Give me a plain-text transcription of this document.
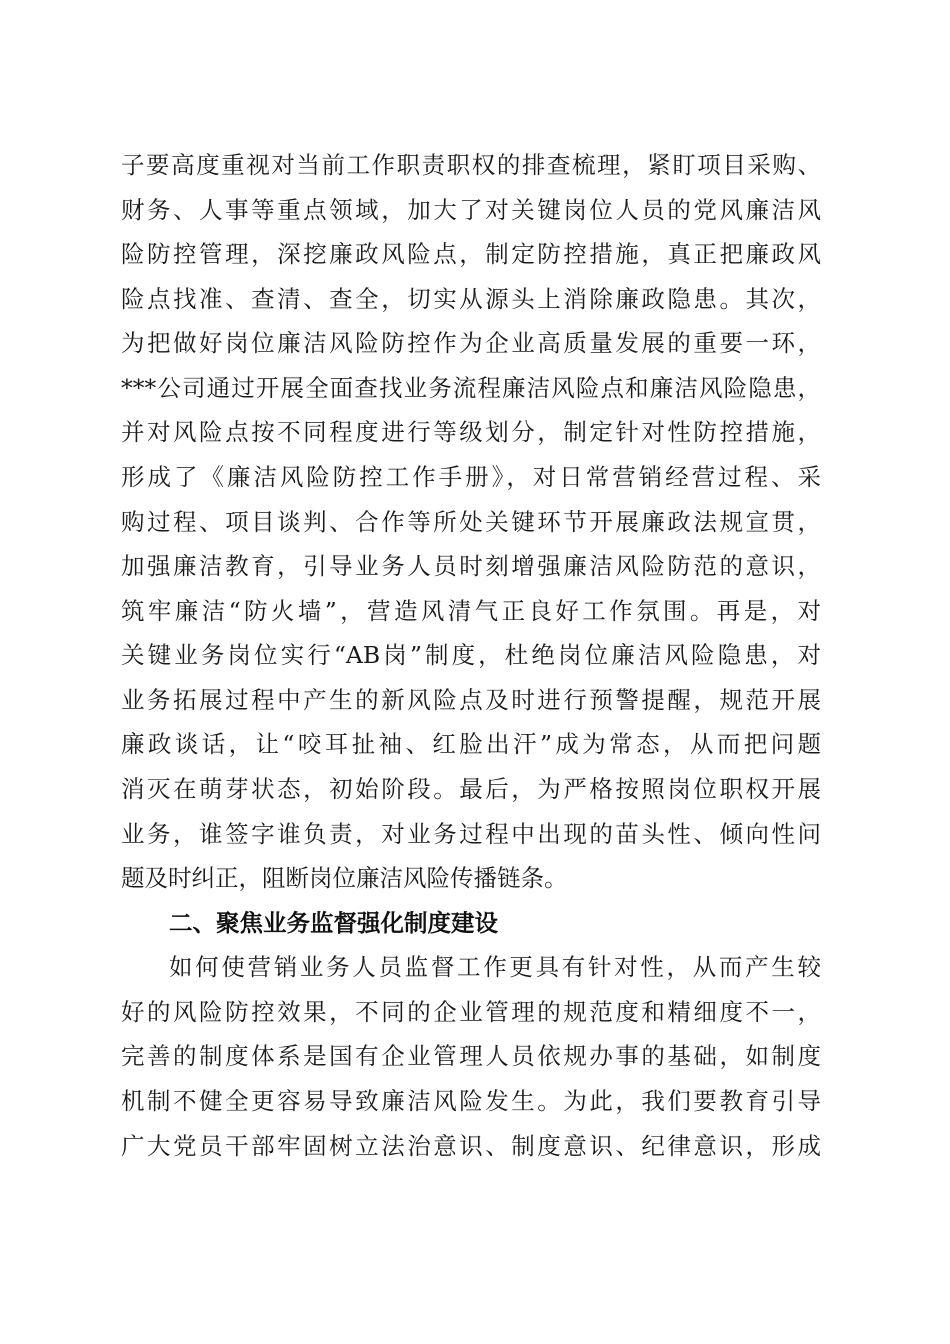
子要高度重视对当前工作职责职权的排查梳理，紧盯项目采购、
财务、人事等重点领域，加大了对关键岗位人员的党风廉洁风
险防控管理，深挖廉政风险点，制定防控措施，真正把廉政风
险点找准、查清、查全，切实从源头上消除廉政隐患。其次，
为把做好岗位廉洁风险防控作为企业高质量发展的重要一环，
***公司通过开展全面查找业务流程廉洁风险点和廉洁风险隐患，
并对风险点按不同程度进行等级划分，制定针对性防控措施，
形成了《廉洁风险防控工作手册》，对日常营销经营过程、采
购过程、项目谈判、合作等所处关键环节开展廉政法规宣贯，
加强廉洁教育，引导业务人员时刻增强廉洁风险防范的意识，
筑牢廉洁“防火墙”，营造风清气正良好工作氛围。再是，对
关键业务岗位实行“AB岗”制度，杜绝岗位廉洁风险隐患，对
业务拓展过程中产生的新风险点及时进行预警提醒，规范开展
廉政谈话，让“咬耳扯袖、红脸出汗”成为常态，从而把问题
消灭在萌芽状态，初始阶段。最后，为严格按照岗位职权开展
业务，谁签字谁负责，对业务过程中出现的苗头性、倾向性问
题及时纠正，阻断岗位廉洁风险传播链条。
二、聚焦业务监督强化制度建设
如何使营销业务人员监督工作更具有针对性，从而产生较
好的风险防控效果，不同的企业管理的规范度和精细度不一，
完善的制度体系是国有企业管理人员依规办事的基础，如制度
机制不健全更容易导致廉洁风险发生。为此，我们要教育引导
广大党员干部牢固树立法治意识、制度意识、纪律意识，形成
